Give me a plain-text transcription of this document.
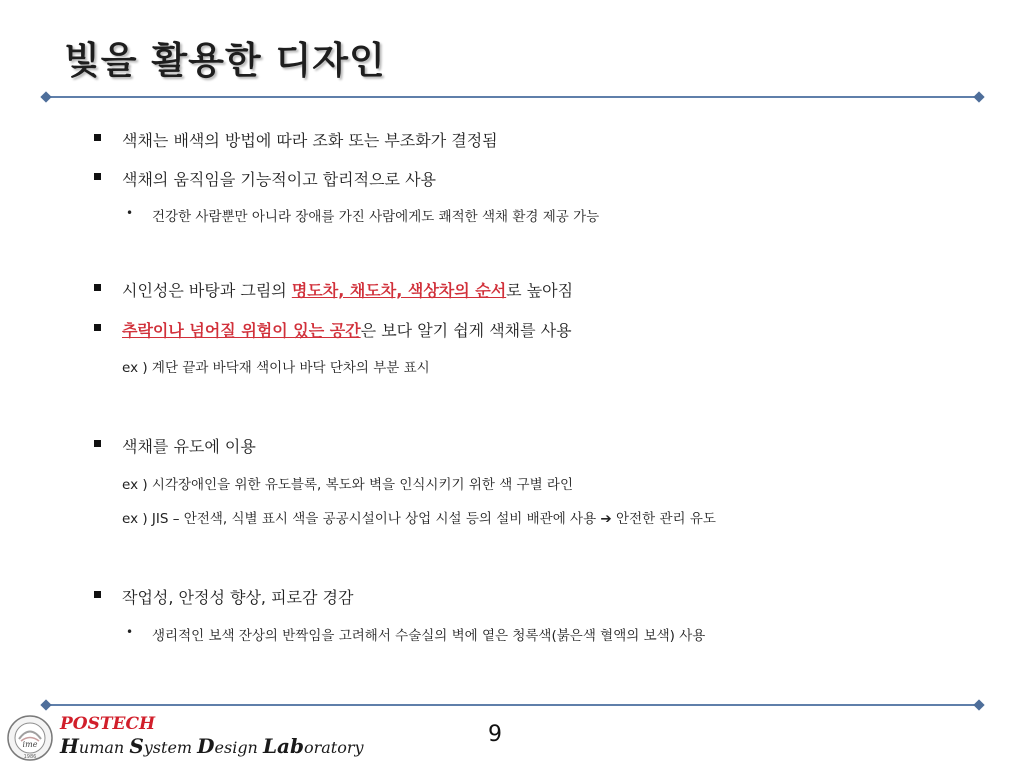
빛을 활용한 디자인
색채는 배색의 방법에 따라 조화 또는 부조화가 결정됨
색채의 움직임을 기능적이고 합리적으로 사용
• 건강한 사람뿐만 아니라 장애를 가진 사람에게도 쾌적한 색채 환경 제공 가능
시인성은 바탕과 그림의 명도차, 채도차, 색상차의 순서로 높아짐
추락이나 넘어질 위험이 있는 공간은 보다 알기 쉽게 색채를 사용
ex ) 계단 끝과 바닥재 색이나 바닥 단차의 부분 표시
색채를 유도에 이용
ex ) 시각장애인을 위한 유도블록, 복도와 벽을 인식시키기 위한 색 구별 라인
ex ) JIS – 안전색, 식별 표시 색을 공공시설이나 상업 시설 등의 설비 배관에 사용 ➔ 안전한 관리 유도
작업성, 안정성 향상, 피로감 경감
• 생리적인 보색 잔상의 반짝임을 고려해서 수술실의 벽에 옅은 청록색(붉은색 혈액의 보색) 사용
ime
1986
POSTECH
Human System Design Laboratory
9
